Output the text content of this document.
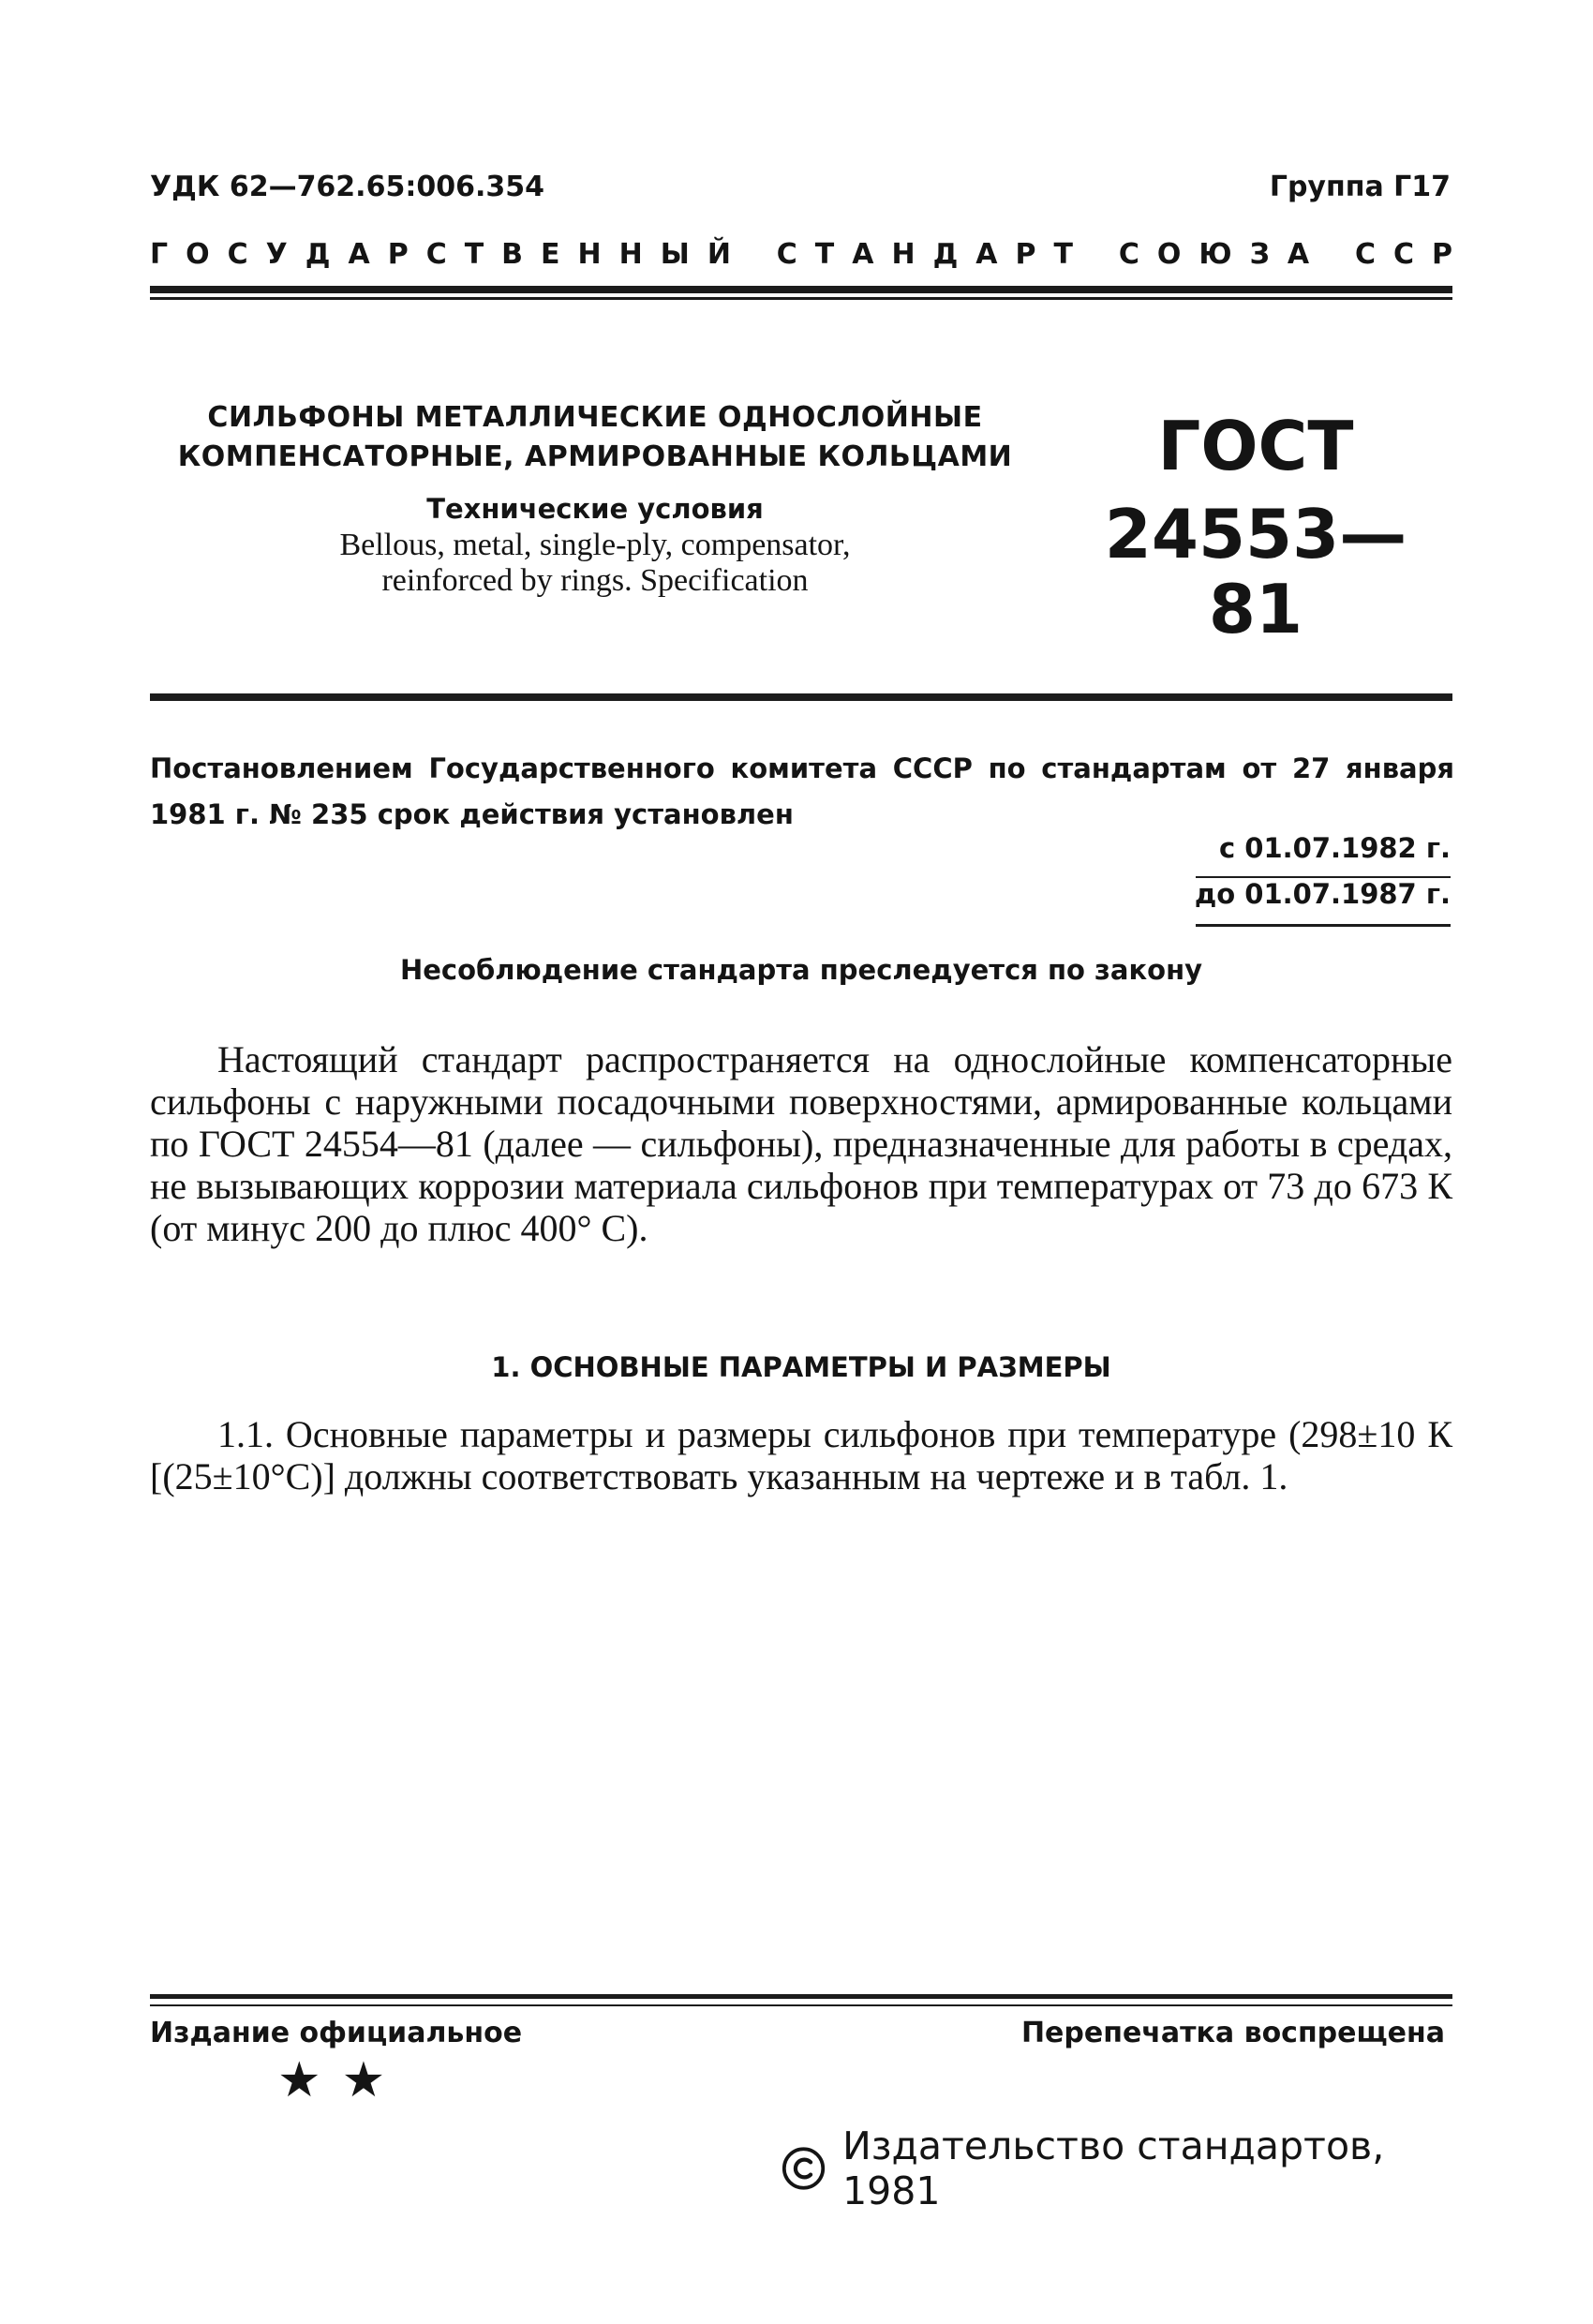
УДК 62—762.65:006.354	Группа Г17
ГОСУДАРСТВЕННЫЙ СТАНДАРТ СОЮЗА ССР
СИЛЬФОНЫ МЕТАЛЛИЧЕСКИЕ ОДНОСЛОЙНЫЕ
КОМПЕНСАТОРНЫЕ, АРМИРОВАННЫЕ КОЛЬЦАМИ
Технические условия
Bellous, metal, single-ply, compensator,
reinforced by rings. Specification
ГОСТ
24553—81
Постановлением Государственного комитета СССР по стандартам от 27 января 1981 г. № 235 срок действия установлен
с 01.07.1982 г.
до 01.07.1987 г.
Несоблюдение стандарта преследуется по закону
Настоящий стандарт распространяется на однослойные компенсаторные сильфоны с наружными посадочными поверхностями, армированные кольцами по ГОСТ 24554—81 (далее — сильфоны), предназначенные для работы в средах, не вызывающих коррозии материала сильфонов при температурах от 73 до 673 К (от минус 200 до плюс 400° С).
1. ОСНОВНЫЕ ПАРАМЕТРЫ И РАЗМЕРЫ
1.1. Основные параметры и размеры сильфонов при температуре (298±10 К [(25±10°С)] должны соответствовать указанным на чертеже и в табл. 1.
Издание официальное
★★
Перепечатка воспрещена
Издательство стандартов, 1981
